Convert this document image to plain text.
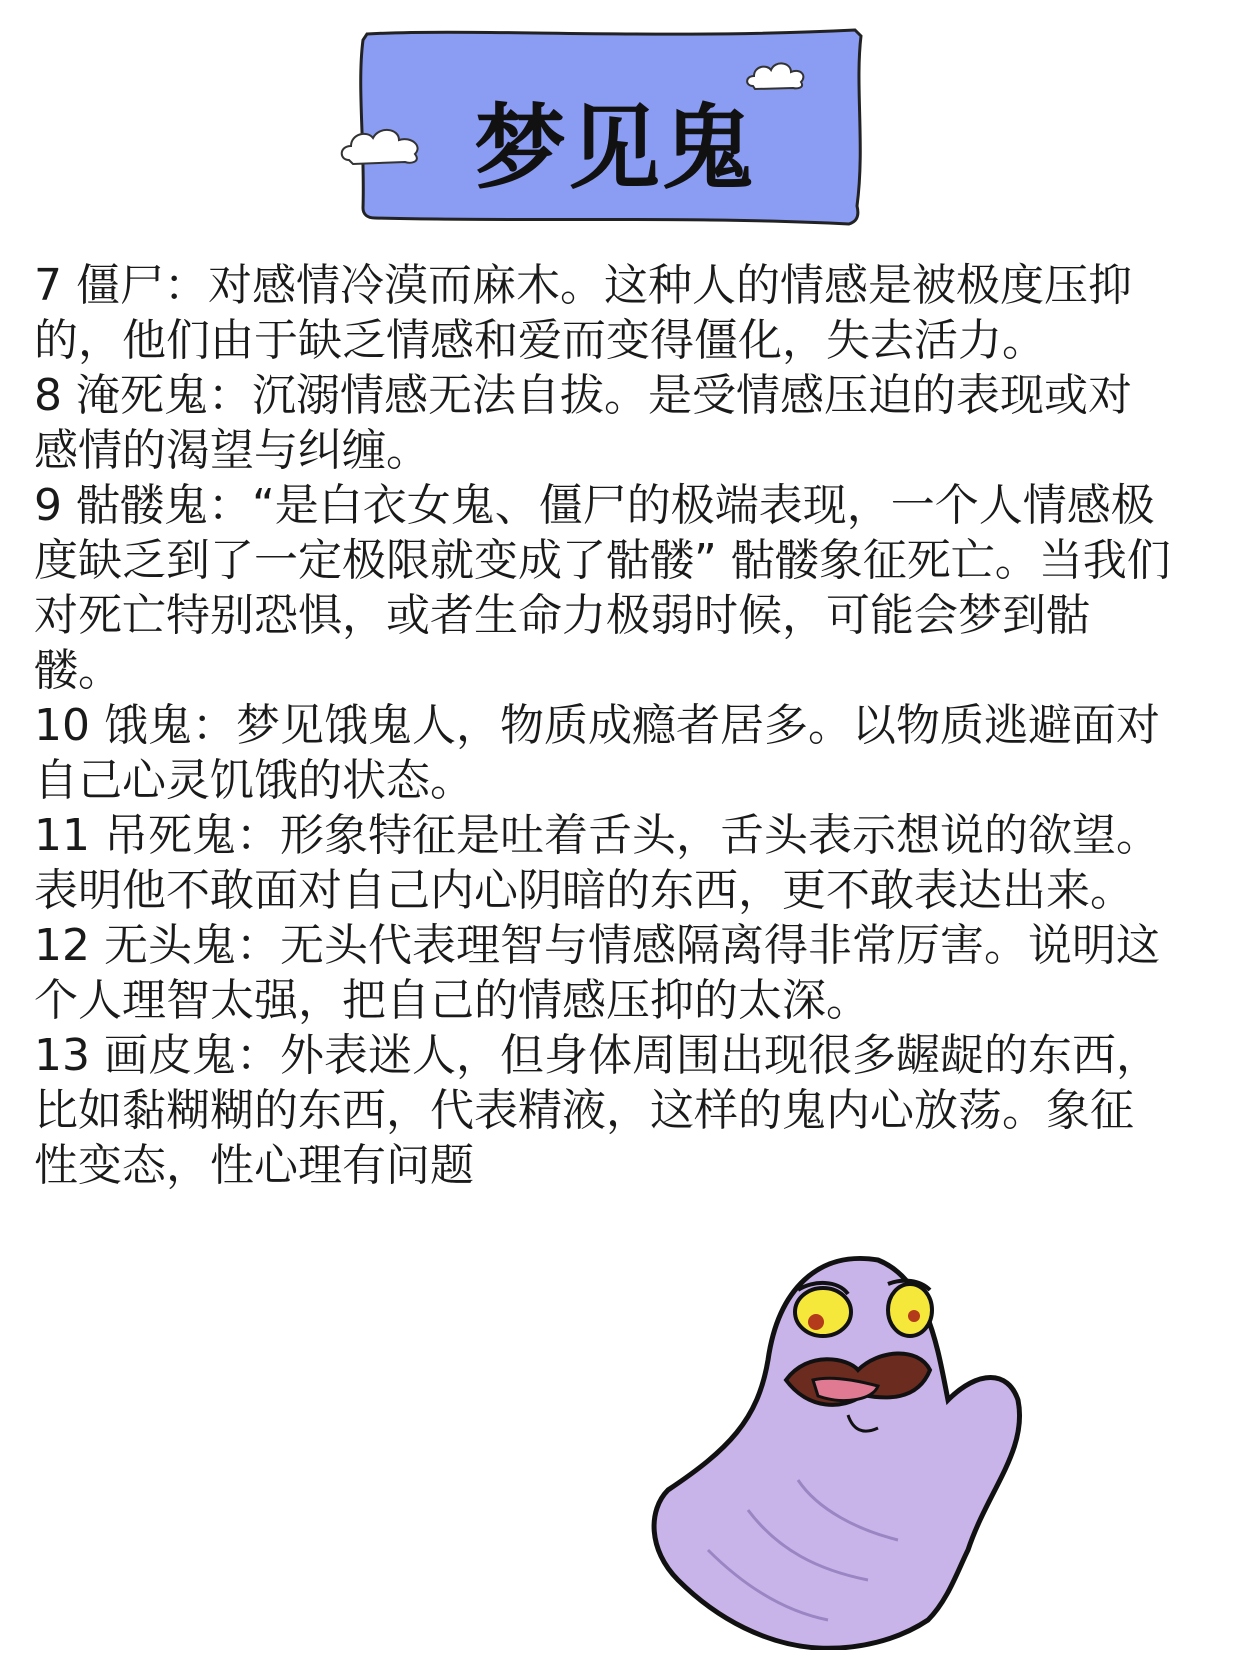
梦见鬼

7 僵尸：对感情冷漠而麻木。这种人的情感是被极度压抑的，他们由于缺乏情感和爱而变得僵化，失去活力。

8 淹死鬼：沉溺情感无法自拔。是受情感压迫的表现或对感情的渴望与纠缠。

9 骷髅鬼：“是白衣女鬼、僵尸的极端表现，一个人情感极度缺乏到了一定极限就变成了骷髅” 骷髅象征死亡。当我们对死亡特别恐惧，或者生命力极弱时候，可能会梦到骷髅。

10 饿鬼：梦见饿鬼人，物质成瘾者居多。以物质逃避面对自己心灵饥饿的状态。

11 吊死鬼：形象特征是吐着舌头，舌头表示想说的欲望。表明他不敢面对自己内心阴暗的东西，更不敢表达出来。

12 无头鬼：无头代表理智与情感隔离得非常厉害。说明这个人理智太强，把自己的情感压抑的太深。

13 画皮鬼：外表迷人，但身体周围出现很多龌龊的东西，比如黏糊糊的东西，代表精液，这样的鬼内心放荡。象征性变态，性心理有问题
